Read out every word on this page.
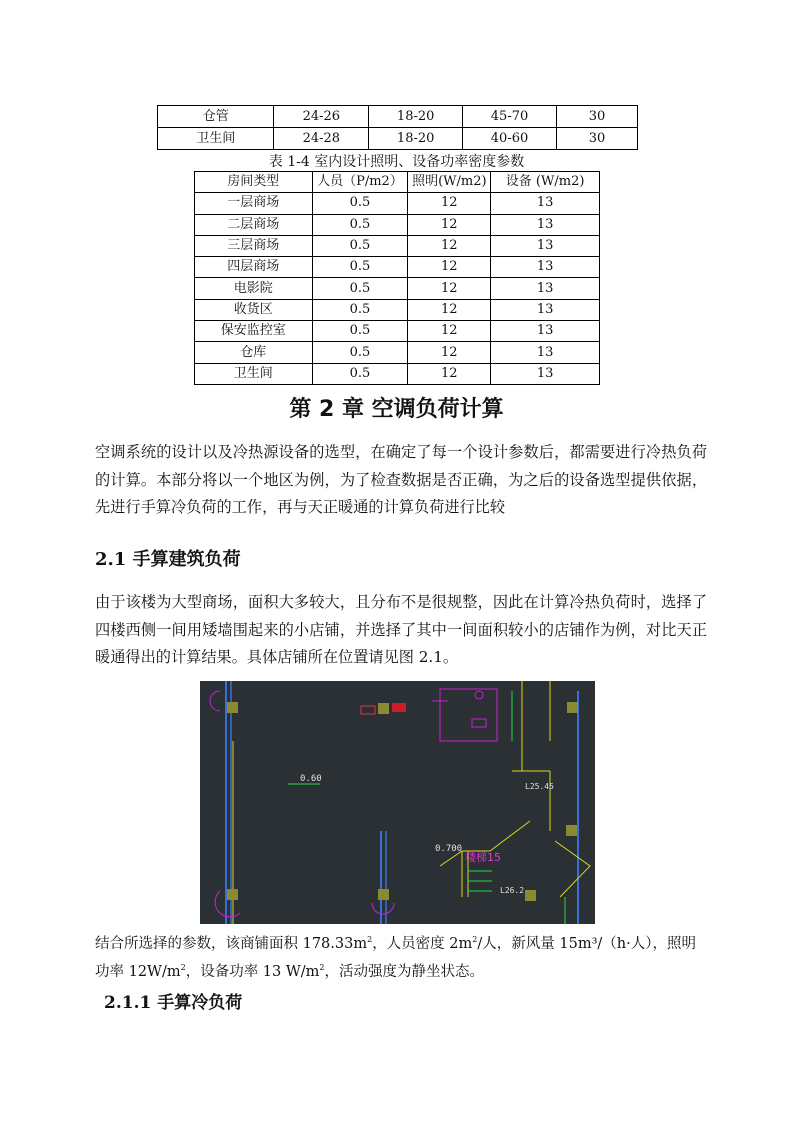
仓管	24-26	18-20	45-70	30
卫生间	24-28	18-20	40-60	30
表 1-4 室内设计照明、设备功率密度参数
房间类型	人员（P/m2）	照明(W/m2)	设备 (W/m2)
一层商场	0.5	12	13
二层商场	0.5	12	13
三层商场	0.5	12	13
四层商场	0.5	12	13
电影院	0.5	12	13
收货区	0.5	12	13
保安监控室	0.5	12	13
仓库	0.5	12	13
卫生间	0.5	12	13
第 2 章 空调负荷计算
空调系统的设计以及冷热源设备的选型，在确定了每一个设计参数后，都需要进行冷热负荷的计算。本部分将以一个地区为例，为了检查数据是否正确，为之后的设备选型提供依据，先进行手算冷负荷的工作，再与天正暖通的计算负荷进行比较
2.1 手算建筑负荷
由于该楼为大型商场，面积大多较大，且分布不是很规整，因此在计算冷热负荷时，选择了四楼西侧一间用矮墙围起来的小店铺，并选择了其中一间面积较小的店铺作为例，对比天正暖通得出的计算结果。具体店铺所在位置请见图 2.1。
0.60
楼梯15
0.700
L25.45
L26.2
结合所选择的参数，该商铺面积 $178.33m^2$，人员密度 $2m^2/$人，新风量 15m³/（h·人），照明功率 $12W/m^2$，设备功率 13 $W/m^2$，活动强度为静坐状态。
2.1.1 手算冷负荷
